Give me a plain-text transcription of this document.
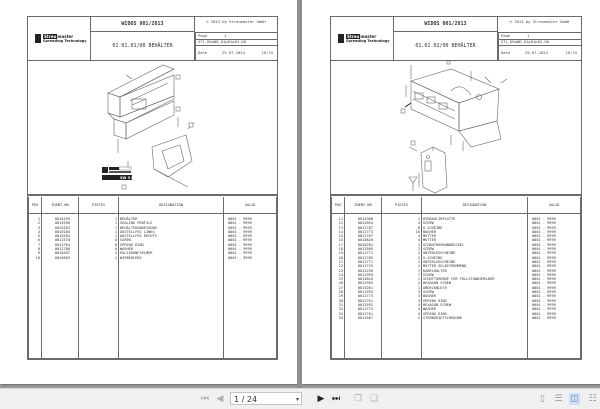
Streumaster
Spreading Technology
WIDOS 001/2013
01.01.01/00 BEHÄLTER
© 2013 by Streumaster GmbH
Page	1
STL_D6pND_01p01p01-00
Date	29.07.2024	10:25
SW 3 FC
POS	IDENT-NO	PIECES	DESIGNATION	VALID
1	0010195	1	BEHÄLTER	0001 - 9999
2	0014596	1	SEALING PROFILE	0001 - 9999
3	0010183	1	BEHÄLTERABDECKUNG	0001 - 9999
4	0010185	1	AUSTELLFEE LINKS	0001 - 9999
5	0010184	1	AUSTELLFEE RECHTS	0001 - 9999
6	0012578	8	SCREW	0001 - 9999
7	0012764	8	SPRING RING	0001 - 9999
8	0012788	8	WASHER	0001 - 9999
9	0010187	1	POLIERANFSELMER	0001 - 9999
10	0010565	1	WIEBERLEDE	0001 - 9999

Streumaster
Spreading Technology
WIDOS 001/2013
01.01.02/00 BEHÄLTER
© 2013 by Streumaster GmbH
Page	1
STL_D6pND_01p01p02-00
Date	29.07.2024	10:25
POS	IDENT-NO	PIECES	DESIGNATION	VALID
11	0014308	1	HYDRAULIKPLATTE	0001 - 9999
12	0012054	4	SCREW	0001 - 9999
13	0012787	8	U-SCHEIBE	0001 - 9999
14	0012773	16	WASHER	0001 - 9999
15	0012707	4	MUTTER	0001 - 9999
16	0010820	4	MUTTER	0001 - 9999
17	0010281	1	SCHAUTROGRANDDECKEL	0001 - 9999
18	0012509	2	SCREW	0001 - 9999
19	0012771	2	UNTERLEGSCHEIBE	0001 - 9999
20	0012785	2	U-SCHEIBE	0001 - 9999
21	0012771	2	UNTERLEGSCHEIBE	0001 - 9999
22	0012725	2	MUTTER SELBSTHEMMEND	0001 - 9999
23	0012250	7	KABELHALTER	0001 - 9999
24	0012959	7	SCREW	0001 - 9999
25	0014816	1	SCHUTTGRENZE FÜR FÜLLSTANDSMELDER	0001 - 9999
26	0012955	2	HEXAGON SCREW	0001 - 9999
27	0010281	1	ABDECKBLECH	0001 - 9999
28	0012593	3	SCREW	0001 - 9999
29	0012775	3	WASHER	0001 - 9999
30	0012761	3	SPRING RING	0001 - 9999
31	0012592	4	HEXAGON SCREW	0001 - 9999
32	0012775	4	WASHER	0001 - 9999
33	0012761	4	SPRING RING	0001 - 9999
34	0014567	2	STERNGRIFFSCHRAUBE	0001 - 9999

⏮ ◀	1 / 24	▾ ▶ ⏭ ❐ ❑	▯	☰ ◫ ☷
